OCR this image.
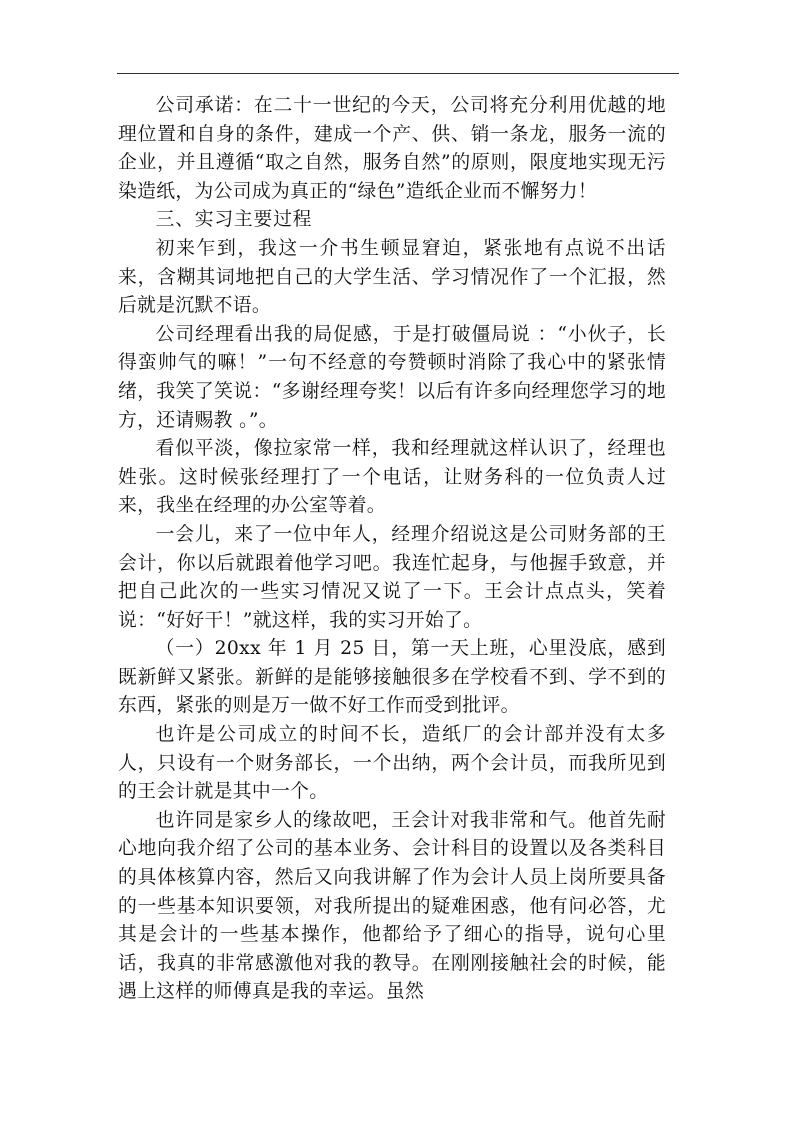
公司承诺：在二十一世纪的今天，公司将充分利用优越的地理位置和自身的条件，建成一个产、供、销一条龙，服务一流的企业，并且遵循“取之自然，服务自然”的原则，限度地实现无污染造纸，为公司成为真正的“绿色”造纸企业而不懈努力！

三、实习主要过程

初来乍到，我这一介书生顿显窘迫，紧张地有点说不出话来，含糊其词地把自己的大学生活、学习情况作了一个汇报，然后就是沉默不语。

公司经理看出我的局促感，于是打破僵局说 ：“小伙子，长得蛮帅气的嘛！”一句不经意的夸赞顿时消除了我心中的紧张情绪，我笑了笑说：“多谢经理夸奖！以后有许多向经理您学习的地方，还请赐教 。”。

看似平淡，像拉家常一样，我和经理就这样认识了，经理也姓张。这时候张经理打了一个电话，让财务科的一位负责人过来，我坐在经理的办公室等着。

一会儿，来了一位中年人，经理介绍说这是公司财务部的王会计，你以后就跟着他学习吧。我连忙起身，与他握手致意，并把自己此次的一些实习情况又说了一下。王会计点点头，笑着说：“好好干！”就这样，我的实习开始了。

（一）20xx 年 1 月 25 日，第一天上班，心里没底，感到既新鲜又紧张。新鲜的是能够接触很多在学校看不到、学不到的东西，紧张的则是万一做不好工作而受到批评。

也许是公司成立的时间不长，造纸厂的会计部并没有太多人，只设有一个财务部长，一个出纳，两个会计员，而我所见到的王会计就是其中一个。

也许同是家乡人的缘故吧，王会计对我非常和气。他首先耐心地向我介绍了公司的基本业务、会计科目的设置以及各类科目的具体核算内容，然后又向我讲解了作为会计人员上岗所要具备的一些基本知识要领，对我所提出的疑难困惑，他有问必答，尤其是会计的一些基本操作，他都给予了细心的指导，说句心里话，我真的非常感激他对我的教导。在刚刚接触社会的时候，能遇上这样的师傅真是我的幸运。虽然
